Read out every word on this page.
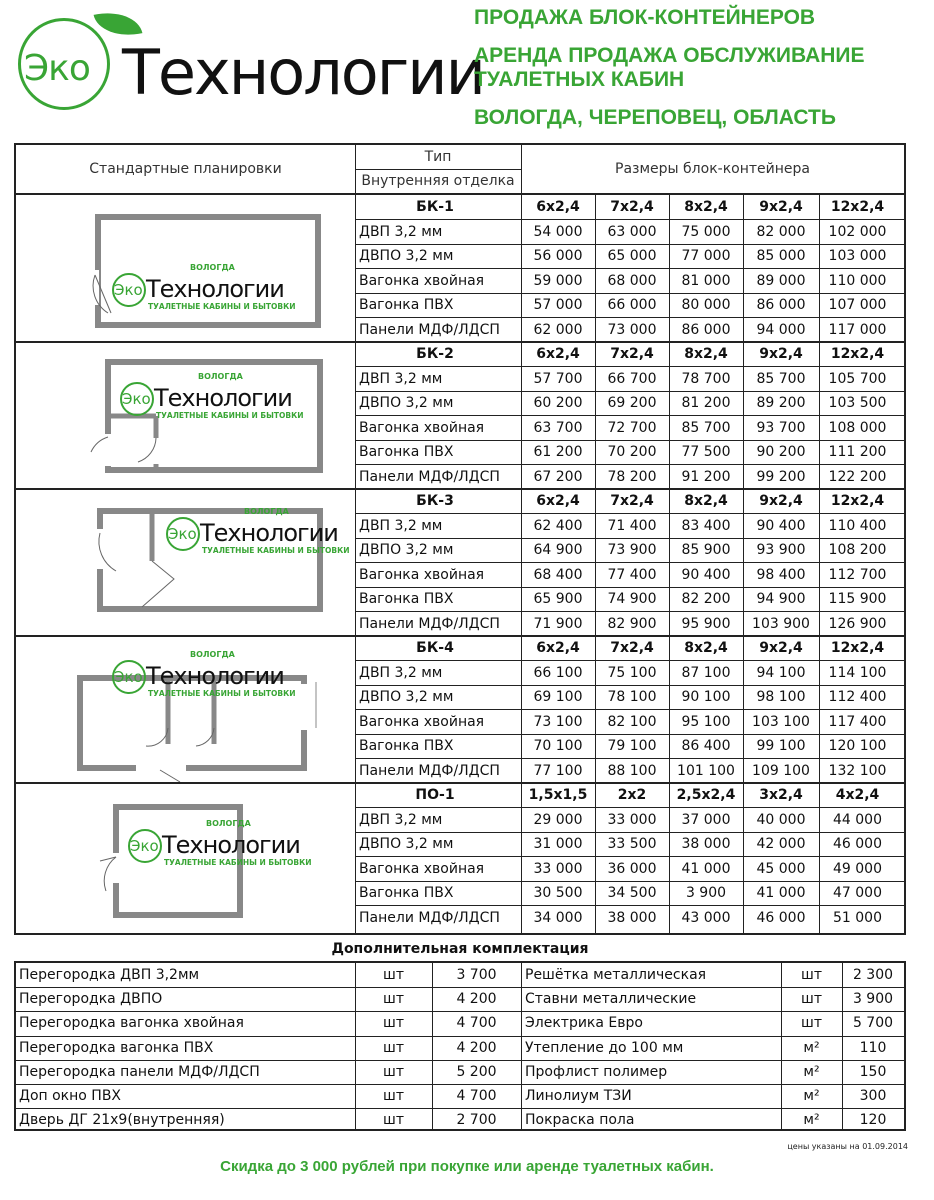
Эко Технологии
ПРОДАЖА БЛОК-КОНТЕЙНЕРОВ
АРЕНДА ПРОДАЖА ОБСЛУЖИВАНИЕ
ТУАЛЕТНЫХ КАБИН
ВОЛОГДА, ЧЕРЕПОВЕЦ, ОБЛАСТЬ
Стандартные планировки
Тип
Внутренняя отделка
Размеры блок-контейнера
Эко Технологии
ВОЛОГДА
ТУАЛЕТНЫЕ КАБИНЫ И БЫТОВКИ
БК-1	6х2,4	7х2,4	8х2,4	9х2,4	12х2,4
ДВП 3,2 мм	54 000	63 000	75 000	82 000	102 000
ДВПО 3,2 мм	56 000	65 000	77 000	85 000	103 000
Вагонка хвойная	59 000	68 000	81 000	89 000	110 000
Вагонка ПВХ	57 000	66 000	80 000	86 000	107 000
Панели МДФ/ЛДСП	62 000	73 000	86 000	94 000	117 000
Эко Технологии
ВОЛОГДА
ТУАЛЕТНЫЕ КАБИНЫ И БЫТОВКИ
БК-2	6х2,4	7х2,4	8х2,4	9х2,4	12х2,4
ДВП 3,2 мм	57 700	66 700	78 700	85 700	105 700
ДВПО 3,2 мм	60 200	69 200	81 200	89 200	103 500
Вагонка хвойная	63 700	72 700	85 700	93 700	108 000
Вагонка ПВХ	61 200	70 200	77 500	90 200	111 200
Панели МДФ/ЛДСП	67 200	78 200	91 200	99 200	122 200
Эко Технологии
ВОЛОГДА
ТУАЛЕТНЫЕ КАБИНЫ И БЫТОВКИ
БК-3	6х2,4	7х2,4	8х2,4	9х2,4	12х2,4
ДВП 3,2 мм	62 400	71 400	83 400	90 400	110 400
ДВПО 3,2 мм	64 900	73 900	85 900	93 900	108 200
Вагонка хвойная	68 400	77 400	90 400	98 400	112 700
Вагонка ПВХ	65 900	74 900	82 200	94 900	115 900
Панели МДФ/ЛДСП	71 900	82 900	95 900	103 900	126 900
Эко Технологии
ВОЛОГДА
ТУАЛЕТНЫЕ КАБИНЫ И БЫТОВКИ
БК-4	6х2,4	7х2,4	8х2,4	9х2,4	12х2,4
ДВП 3,2 мм	66 100	75 100	87 100	94 100	114 100
ДВПО 3,2 мм	69 100	78 100	90 100	98 100	112 400
Вагонка хвойная	73 100	82 100	95 100	103 100	117 400
Вагонка ПВХ	70 100	79 100	86 400	99 100	120 100
Панели МДФ/ЛДСП	77 100	88 100	101 100	109 100	132 100
Эко Технологии
ВОЛОГДА
ТУАЛЕТНЫЕ КАБИНЫ И БЫТОВКИ
ПО-1	1,5х1,5	2х2	2,5х2,4	3х2,4	4х2,4
ДВП 3,2 мм	29 000	33 000	37 000	40 000	44 000
ДВПО 3,2 мм	31 000	33 500	38 000	42 000	46 000
Вагонка хвойная	33 000	36 000	41 000	45 000	49 000
Вагонка ПВХ	30 500	34 500	3 900	41 000	47 000
Панели МДФ/ЛДСП	34 000	38 000	43 000	46 000	51 000
Дополнительная комплектация
Перегородка ДВП 3,2мм	шт	3 700	Решётка металлическая	шт	2 300
Перегородка ДВПО	шт	4 200	Ставни металлические	шт	3 900
Перегородка вагонка хвойная	шт	4 700	Электрика Евро	шт	5 700
Перегородка вагонка ПВХ	шт	4 200	Утепление до 100 мм	м²	110
Перегородка панели МДФ/ЛДСП	шт	5 200	Профлист полимер	м²	150
Доп окно ПВХ	шт	4 700	Линолиум ТЗИ	м²	300
Дверь ДГ 21х9(внутренняя)	шт	2 700	Покраска пола	м²	120
цены указаны на 01.09.2014
Скидка до 3 000 рублей при покупке или аренде туалетных кабин.
